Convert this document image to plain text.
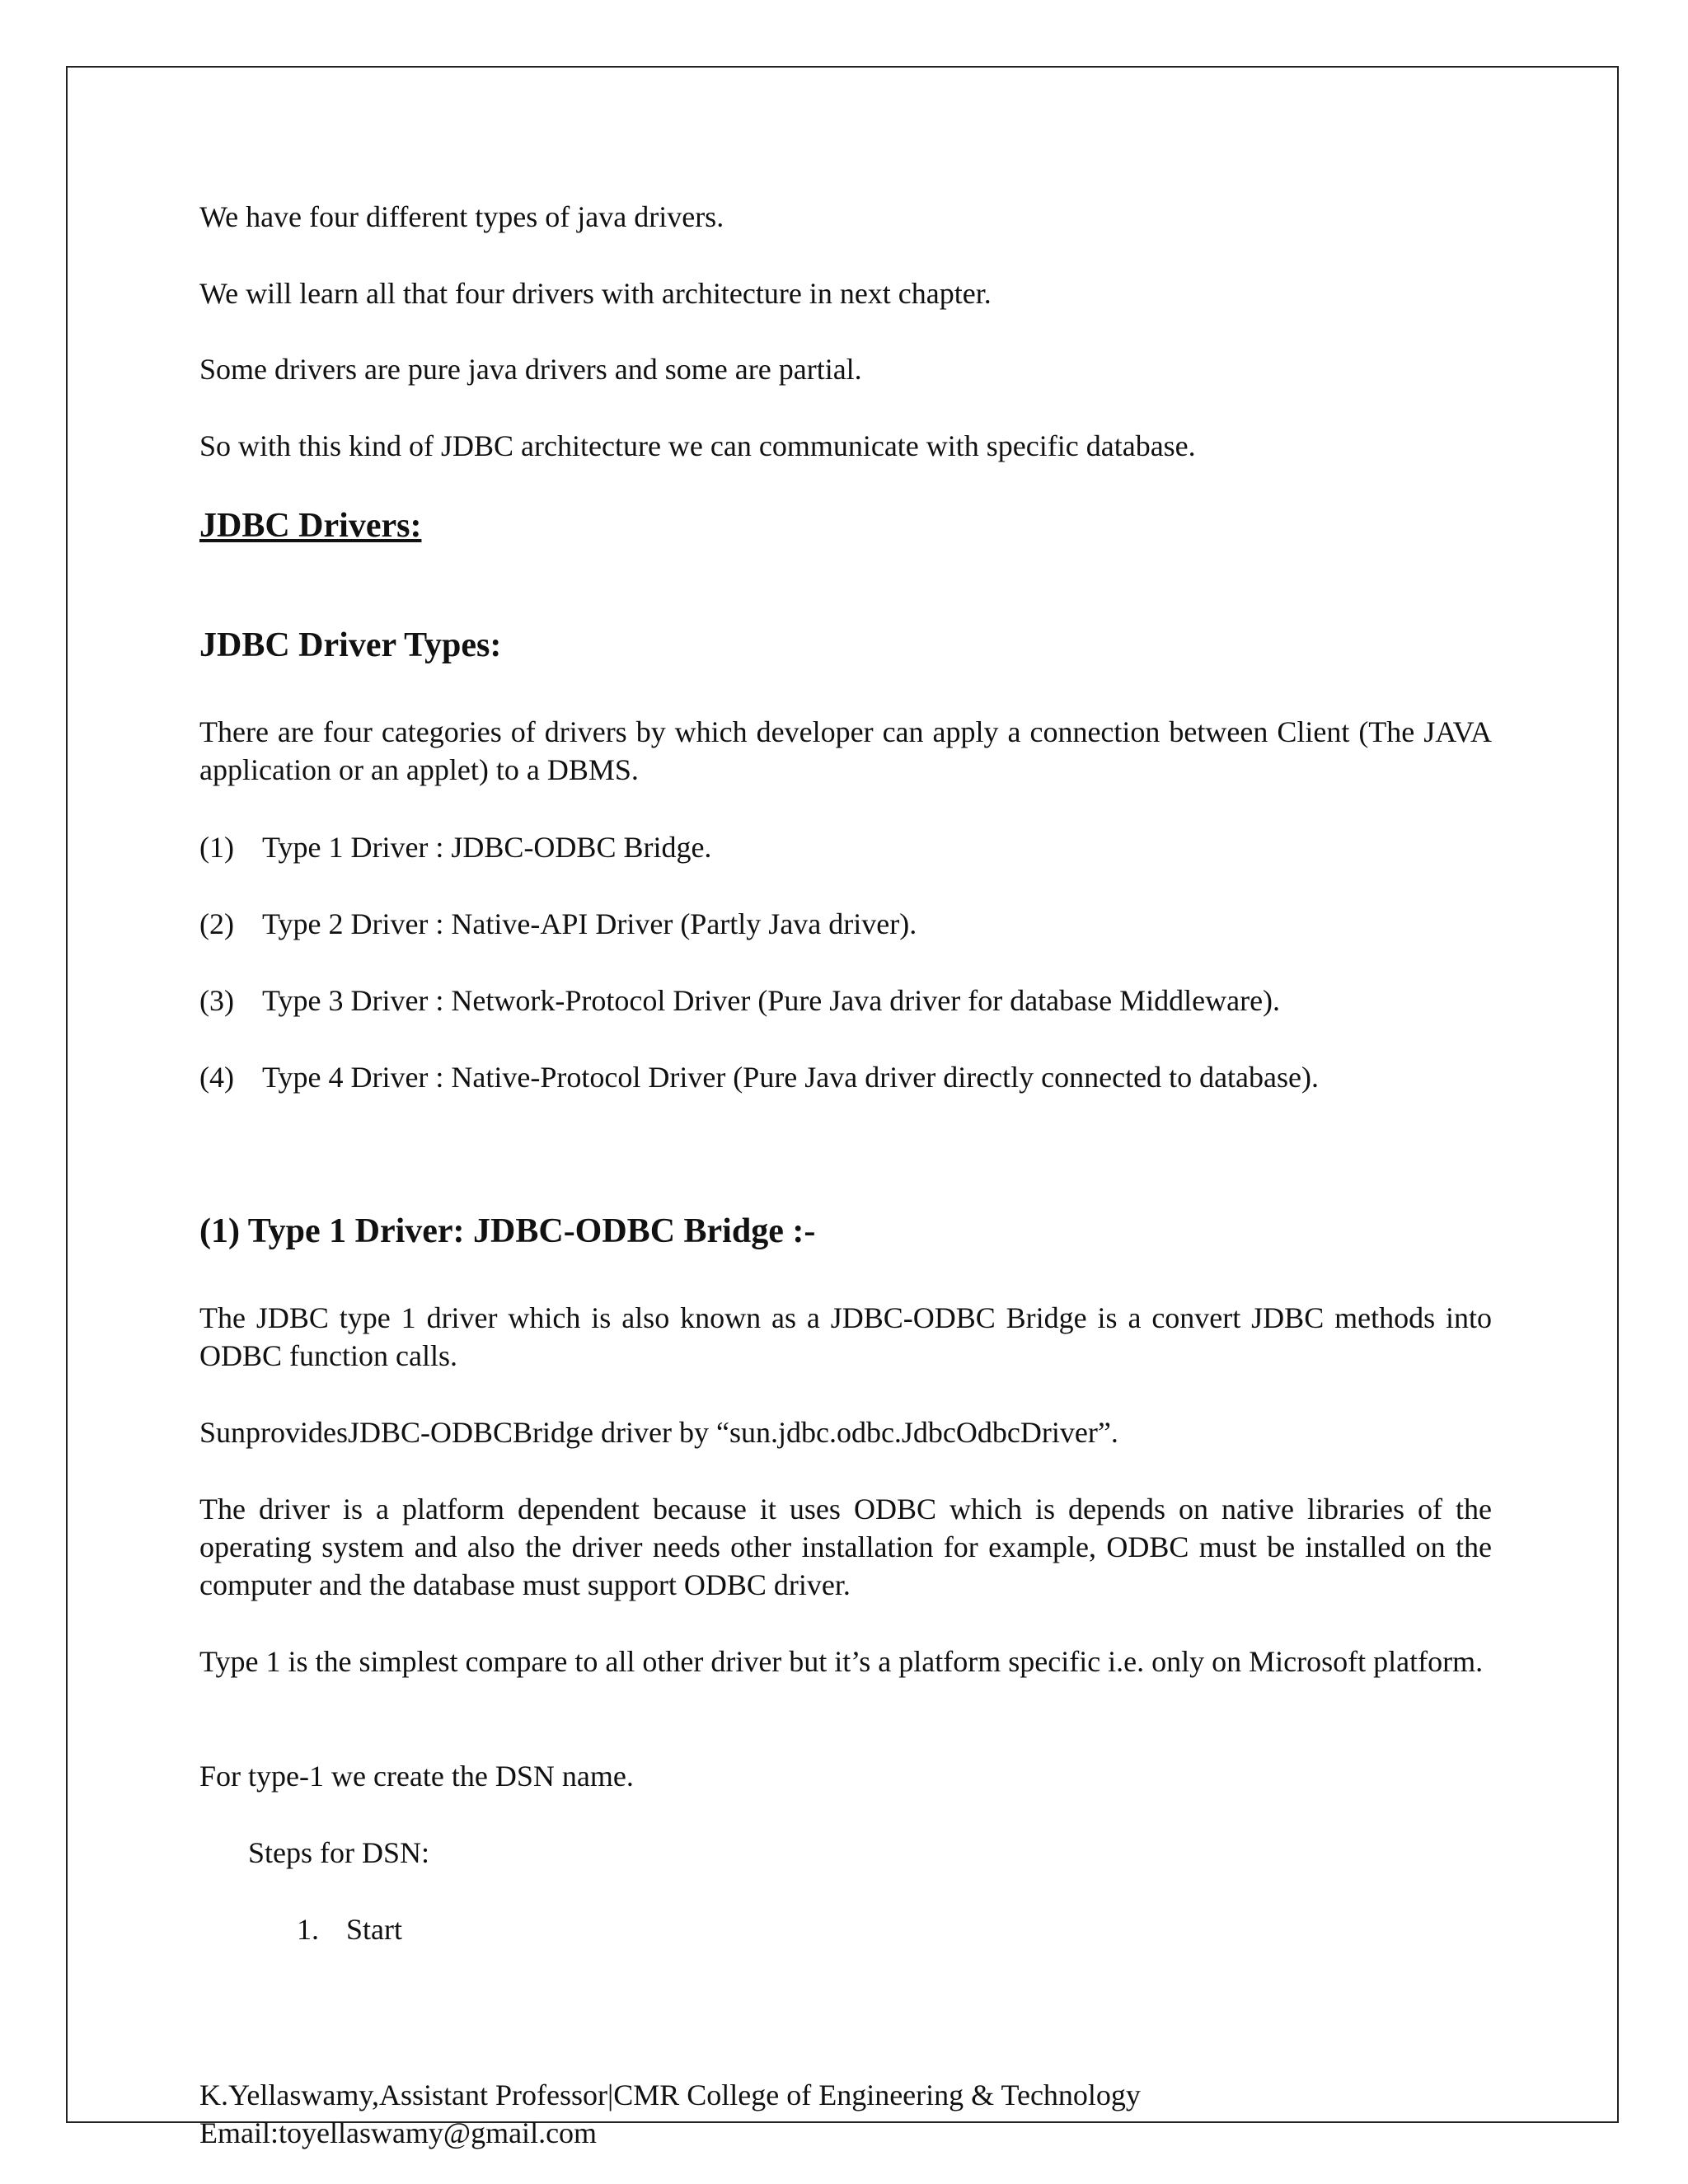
We have four different types of java drivers.

We will learn all that four drivers with architecture in next chapter.

Some drivers are pure java drivers and some are partial.

So with this kind of JDBC architecture we can communicate with specific database.

JDBC Drivers:
JDBC Driver Types:

There are four categories of drivers by which developer can apply a connection between Client (The JAVA application or an applet) to a DBMS.

(1) Type 1 Driver : JDBC-ODBC Bridge.
(2) Type 2 Driver : Native-API Driver (Partly Java driver).
(3) Type 3 Driver : Network-Protocol Driver (Pure Java driver for database Middleware).
(4) Type 4 Driver : Native-Protocol Driver (Pure Java driver directly connected to database).
(1) Type 1 Driver: JDBC-ODBC Bridge :-

The JDBC type 1 driver which is also known as a JDBC-ODBC Bridge is a convert JDBC methods into ODBC function calls.

SunprovidesJDBC-ODBCBridge driver by “sun.jdbc.odbc.JdbcOdbcDriver”.

The driver is a platform dependent because it uses ODBC which is depends on native libraries of the operating system and also the driver needs other installation for example, ODBC must be installed on the computer and the database must support ODBC driver.

Type 1 is the simplest compare to all other driver but it’s a platform specific i.e. only on Microsoft platform.

For type-1 we create the DSN name.

Steps for DSN:

1. Start
K.Yellaswamy,Assistant Professor|CMR College of Engineering & Technology
Email:toyellaswamy@gmail.com
